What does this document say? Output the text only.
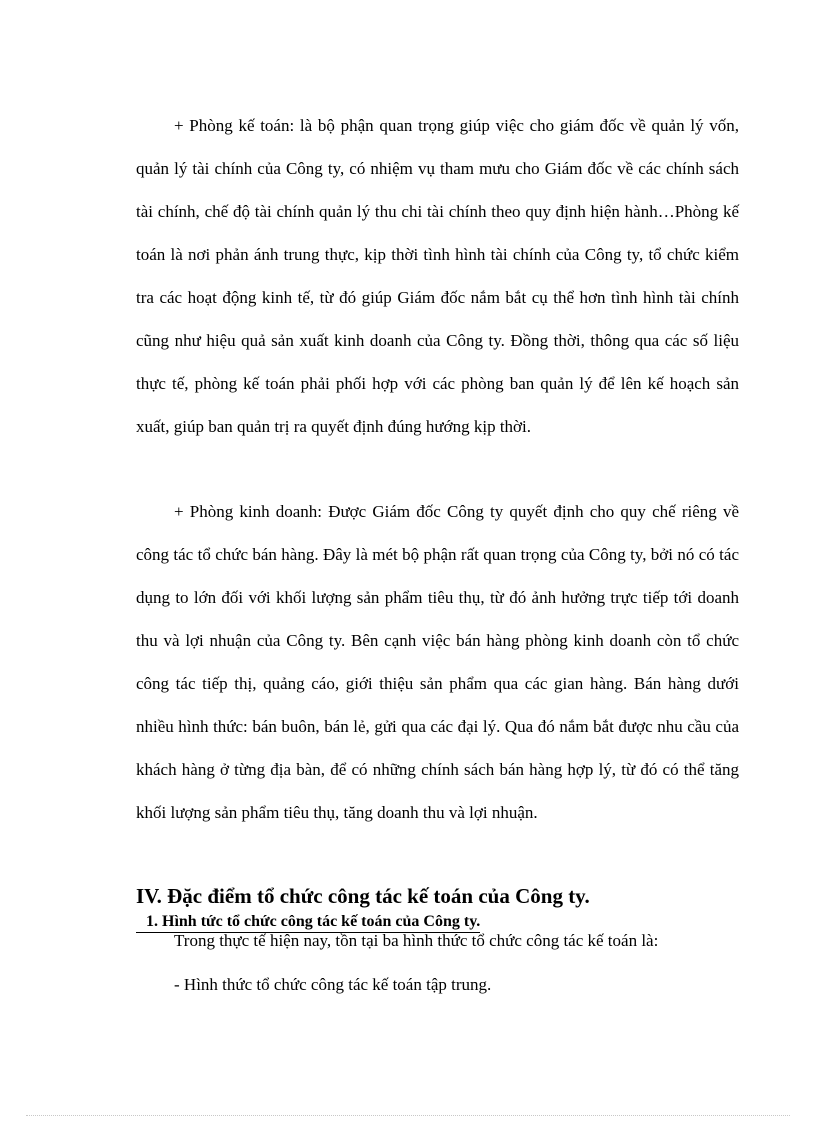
+ Phòng kế toán: là bộ phận quan trọng giúp việc cho giám đốc về quản lý vốn, quản lý tài chính của Công ty, có nhiệm vụ tham mưu cho Giám đốc về các chính sách tài chính, chế độ tài chính quản lý thu chi tài chính theo quy định hiện hành…Phòng kế toán là nơi phản ánh trung thực, kịp thời tình hình tài chính của Công ty, tổ chức kiểm tra các hoạt động kinh tế, từ đó giúp Giám đốc nắm bắt cụ thể hơn tình hình tài chính cũng như hiệu quả sản xuất kinh doanh của Công ty. Đồng thời, thông qua các số liệu thực tế, phòng kế toán phải phối hợp với các phòng ban quản lý để lên kế hoạch sản xuất, giúp ban quản trị ra quyết định đúng hướng kịp thời.

+ Phòng kinh doanh: Được Giám đốc Công ty quyết định cho quy chế riêng về công tác tổ chức bán hàng. Đây là mét bộ phận rất quan trọng của Công ty, bởi nó có tác dụng to lớn đối với khối lượng sản phẩm tiêu thụ, từ đó ảnh hưởng trực tiếp tới doanh thu và lợi nhuận của Công ty. Bên cạnh việc bán hàng phòng kinh doanh còn tổ chức công tác tiếp thị, quảng cáo, giới thiệu sản phẩm qua các gian hàng. Bán hàng dưới nhiều hình thức: bán buôn, bán lẻ, gửi qua các đại lý. Qua đó nắm bắt được nhu cầu của khách hàng ở từng địa bàn, để có những chính sách bán hàng hợp lý, từ đó có thể tăng khối lượng sản phẩm tiêu thụ, tăng doanh thu và lợi nhuận.

IV. Đặc điểm tổ chức công tác kế toán của Công ty.
1. Hình tức tổ chức công tác kế toán của Công ty.

Trong thực tế hiện nay, tồn tại ba hình thức tổ chức công tác kế toán là:

- Hình thức tổ chức công tác kế toán tập trung.
